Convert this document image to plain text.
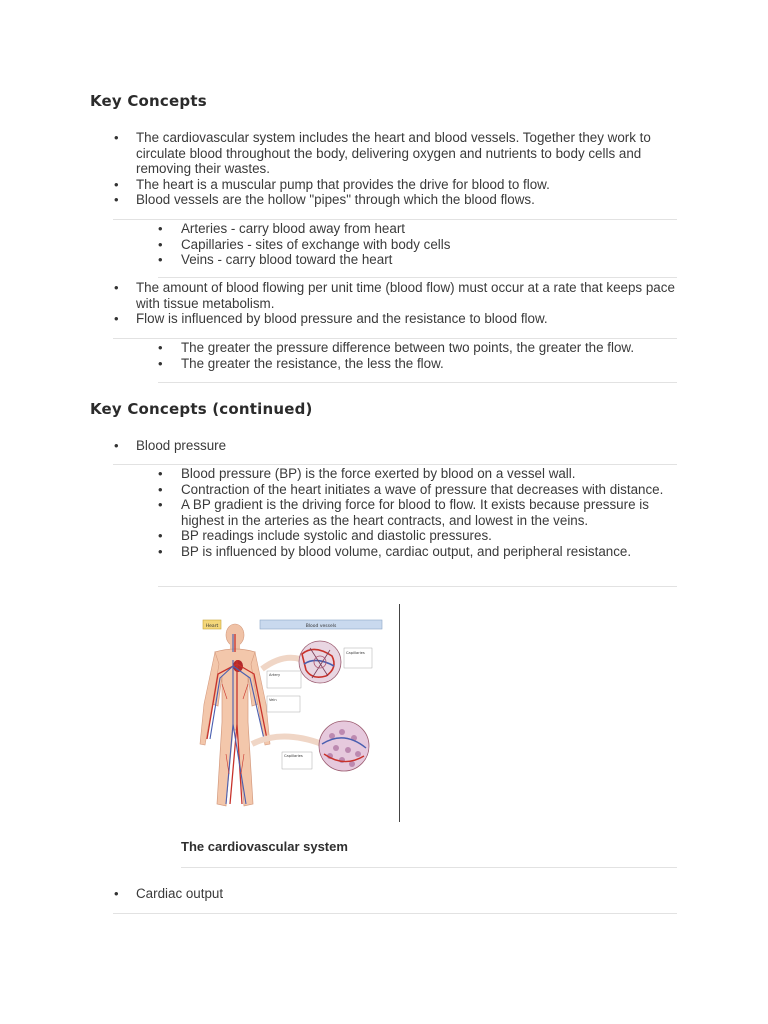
Key Concepts
• The cardiovascular system includes the heart and blood vessels. Together they work to circulate blood throughout the body, delivering oxygen and nutrients to body cells and removing their wastes.
• The heart is a muscular pump that provides the drive for blood to flow.
• Blood vessels are the hollow "pipes" through which the blood flows.
• Arteries - carry blood away from heart
• Capillaries - sites of exchange with body cells
• Veins - carry blood toward the heart
• The amount of blood flowing per unit time (blood flow) must occur at a rate that keeps pace with tissue metabolism.
• Flow is influenced by blood pressure and the resistance to blood flow.
• The greater the pressure difference between two points, the greater the flow.
• The greater the resistance, the less the flow.
Key Concepts (continued)
• Blood pressure
• Blood pressure (BP) is the force exerted by blood on a vessel wall.
• Contraction of the heart initiates a wave of pressure that decreases with distance.
• A BP gradient is the driving force for blood to flow. It exists because pressure is highest in the arteries as the heart contracts, and lowest in the veins.
• BP readings include systolic and diastolic pressures.
• BP is influenced by blood volume, cardiac output, and peripheral resistance.
Heart	Blood vessels
Capillaries
Artery
Vein
Capillaries
The cardiovascular system
• Cardiac output
